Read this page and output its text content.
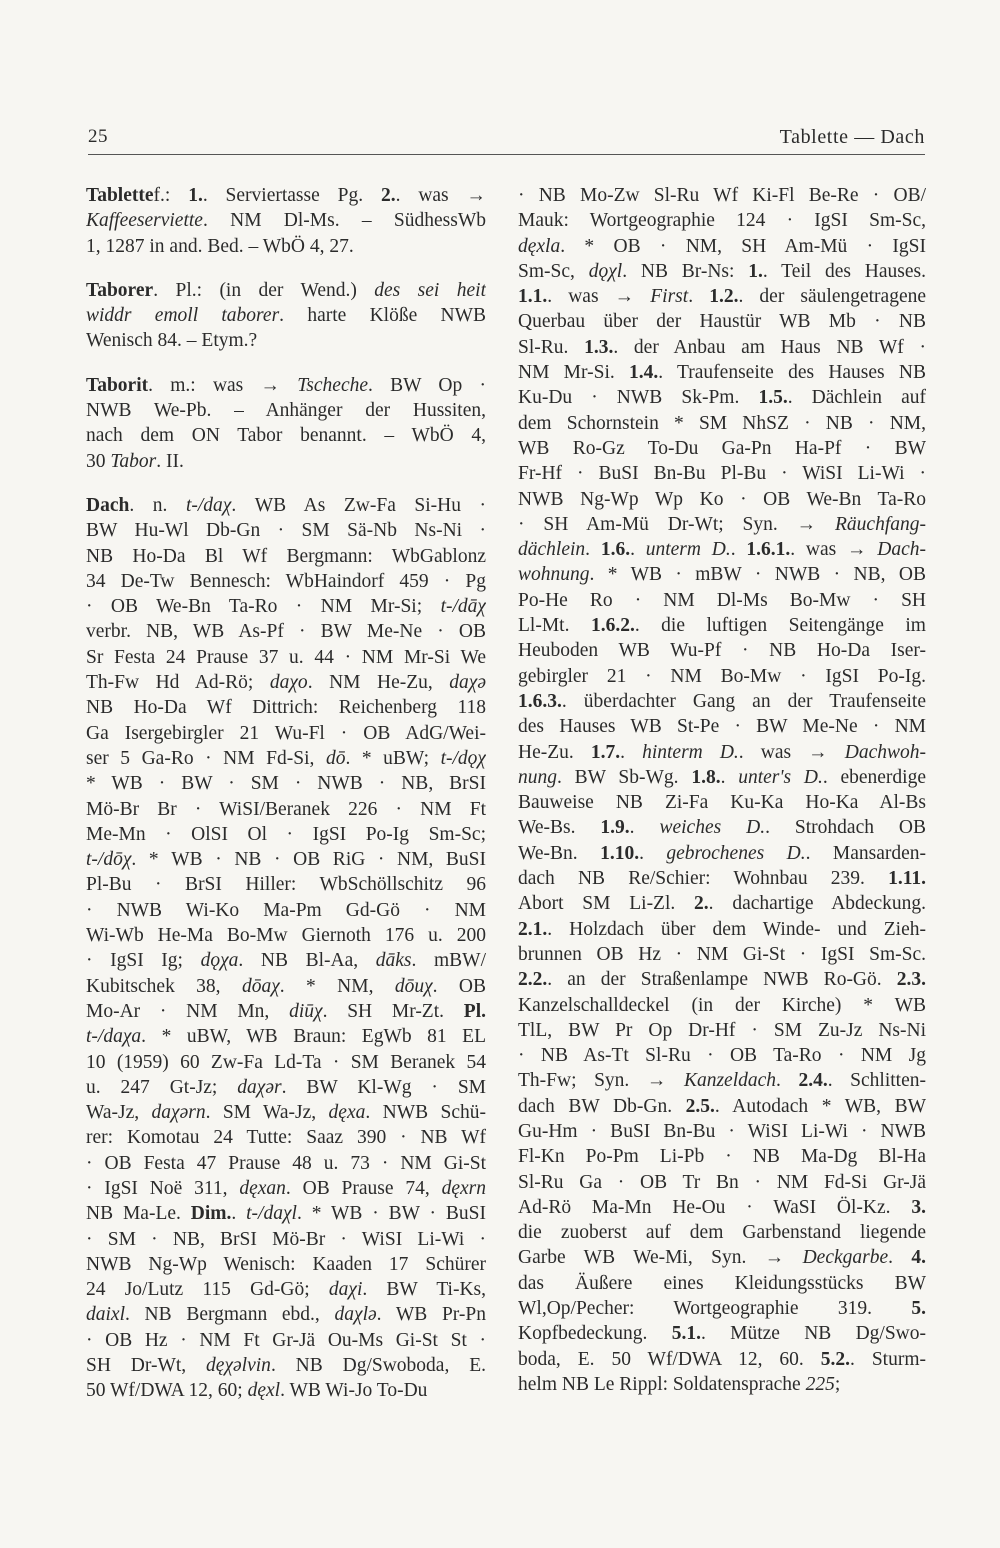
25	Tablette — Dach
Tablettef.: 1.. Serviertasse Pg. 2.. was →
Kaffeeserviette. NM Dl-Ms. – SüdhessWb
1, 1287 in and. Bed. – WbÖ 4, 27.
Taborer. Pl.: (in der Wend.) des sei heit
widdr emoll taborer. harte Klöße NWB
Wenisch 84. – Etym.?
Taborit. m.: was → Tscheche. BW Op ·
NWB We-Pb. – Anhänger der Hussiten,
nach dem ON Tabor benannt. – WbÖ 4,
30 Tabor. II.
Dach. n. t-/daχ. WB As Zw-Fa Si-Hu ·
BW Hu-Wl Db-Gn · SM Sä-Nb Ns-Ni ·
NB Ho-Da Bl Wf Bergmann: WbGablonz
34 De-Tw Bennesch: WbHaindorf 459 · Pg
· OB We-Bn Ta-Ro · NM Mr-Si; t-/dāχ
verbr. NB, WB As-Pf · BW Me-Ne · OB
Sr Festa 24 Prause 37 u. 44 · NM Mr-Si We
Th-Fw Hd Ad-Rö; daχo. NM He-Zu, daχə
NB Ho-Da Wf Dittrich: Reichenberg 118
Ga Isergebirgler 21 Wu-Fl · OB AdG/Wei-
ser 5 Ga-Ro · NM Fd-Si, dō. * uBW; t-/dǫχ
* WB · BW · SM · NWB · NB, BrSI
Mö-Br Br · WiSI/Beranek 226 · NM Ft
Me-Mn · OlSI Ol · IgSI Po-Ig Sm-Sc;
t-/dōχ. * WB · NB · OB RiG · NM, BuSI
Pl-Bu · BrSI Hiller: WbSchöllschitz 96
· NWB Wi-Ko Ma-Pm Gd-Gö · NM
Wi-Wb He-Ma Bo-Mw Giernoth 176 u. 200
· IgSI Ig; dǫχa. NB Bl-Aa, dāks. mBW/
Kubitschek 38, dōaχ. * NM, dōuχ. OB
Mo-Ar · NM Mn, diūχ. SH Mr-Zt. Pl.
t-/daχa. * uBW, WB Braun: EgWb 81 EL
10 (1959) 60 Zw-Fa Ld-Ta · SM Beranek 54
u. 247 Gt-Jz; daχər. BW Kl-Wg · SM
Wa-Jz, daχərn. SM Wa-Jz, dęxa. NWB Schü-
rer: Komotau 24 Tutte: Saaz 390 · NB Wf
· OB Festa 47 Prause 48 u. 73 · NM Gi-St
· IgSI Noë 311, dęxan. OB Prause 74, dęxrn
NB Ma-Le. Dim.. t-/daχl. * WB · BW · BuSI
· SM · NB, BrSI Mö-Br · WiSI Li-Wi ·
NWB Ng-Wp Wenisch: Kaaden 17 Schürer
24 Jo/Lutz 115 Gd-Gö; daχi. BW Ti-Ks,
daixl. NB Bergmann ebd., daχlə. WB Pr-Pn
· OB Hz · NM Ft Gr-Jä Ou-Ms Gi-St St ·
SH Dr-Wt, dęχəlvin. NB Dg/Swoboda, E.
50 Wf/DWA 12, 60; dęxl. WB Wi-Jo To-Du
· NB Mo-Zw Sl-Ru Wf Ki-Fl Be-Re · OB/
Mauk: Wortgeographie 124 · IgSI Sm-Sc,
dęxla. * OB · NM, SH Am-Mü · IgSI
Sm-Sc, dǫχl. NB Br-Ns: 1.. Teil des Hauses.
1.1.. was → First. 1.2.. der säulengetragene
Querbau über der Haustür WB Mb · NB
Sl-Ru. 1.3.. der Anbau am Haus NB Wf ·
NM Mr-Si. 1.4.. Traufenseite des Hauses NB
Ku-Du · NWB Sk-Pm. 1.5.. Dächlein auf
dem Schornstein * SM NhSZ · NB · NM,
WB Ro-Gz To-Du Ga-Pn Ha-Pf · BW
Fr-Hf · BuSI Bn-Bu Pl-Bu · WiSI Li-Wi ·
NWB Ng-Wp Wp Ko · OB We-Bn Ta-Ro
· SH Am-Mü Dr-Wt; Syn. → Räuchfang-
dächlein. 1.6.. unterm D.. 1.6.1.. was → Dach-
wohnung. * WB · mBW · NWB · NB, OB
Po-He Ro · NM Dl-Ms Bo-Mw · SH
Ll-Mt. 1.6.2.. die luftigen Seitengänge im
Heuboden WB Wu-Pf · NB Ho-Da Iser-
gebirgler 21 · NM Bo-Mw · IgSI Po-Ig.
1.6.3.. überdachter Gang an der Traufenseite
des Hauses WB St-Pe · BW Me-Ne · NM
He-Zu. 1.7.. hinterm D.. was → Dachwoh-
nung. BW Sb-Wg. 1.8.. unter's D.. ebenerdige
Bauweise NB Zi-Fa Ku-Ka Ho-Ka Al-Bs
We-Bs. 1.9.. weiches D.. Strohdach OB
We-Bn. 1.10.. gebrochenes D.. Mansarden-
dach NB Re/Schier: Wohnbau 239. 1.11.
Abort SM Li-Zl. 2.. dachartige Abdeckung.
2.1.. Holzdach über dem Winde- und Zieh-
brunnen OB Hz · NM Gi-St · IgSI Sm-Sc.
2.2.. an der Straßenlampe NWB Ro-Gö. 2.3.
Kanzelschalldeckel (in der Kirche) * WB
TlL, BW Pr Op Dr-Hf · SM Zu-Jz Ns-Ni
· NB As-Tt Sl-Ru · OB Ta-Ro · NM Jg
Th-Fw; Syn. → Kanzeldach. 2.4.. Schlitten-
dach BW Db-Gn. 2.5.. Autodach * WB, BW
Gu-Hm · BuSI Bn-Bu · WiSI Li-Wi · NWB
Fl-Kn Po-Pm Li-Pb · NB Ma-Dg Bl-Ha
Sl-Ru Ga · OB Tr Bn · NM Fd-Si Gr-Jä
Ad-Rö Ma-Mn He-Ou · WaSI Öl-Kz. 3.
die zuoberst auf dem Garbenstand liegende
Garbe WB We-Mi, Syn. → Deckgarbe. 4.
das Äußere eines Kleidungsstücks BW
Wl,Op/Pecher: Wortgeographie 319. 5.
Kopfbedeckung. 5.1.. Mütze NB Dg/Swo-
boda, E. 50 Wf/DWA 12, 60. 5.2.. Sturm-
helm NB Le Rippl: Soldatensprache 225;
